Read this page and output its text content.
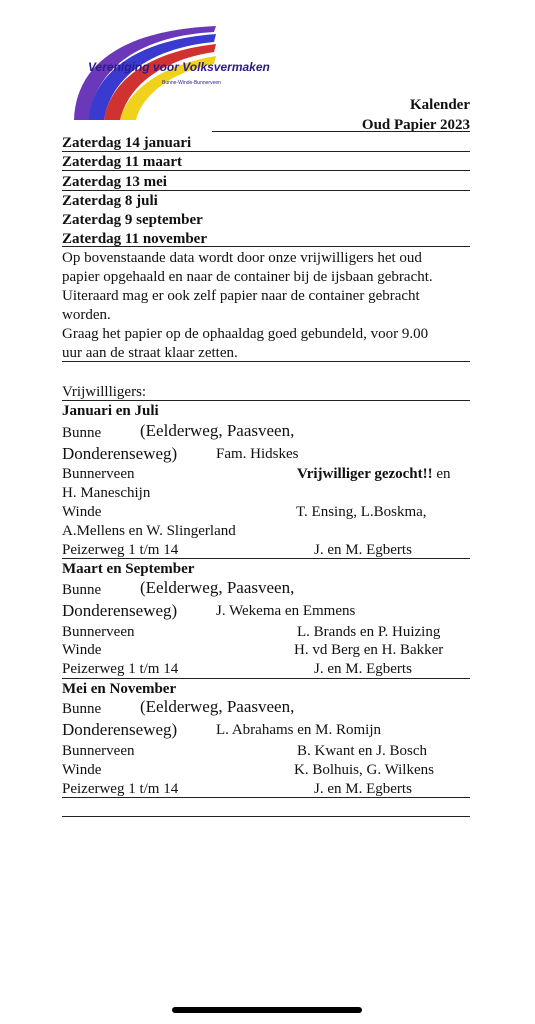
Vereniging voor Volksvermaken
Bunne-Winde-Bunnerveen
Kalender
Oud Papier 2023
Zaterdag 14 januari
Zaterdag 11 maart
Zaterdag 13 mei
Zaterdag 8 juli
Zaterdag 9 september
Zaterdag 11 november
Op bovenstaande data wordt door onze vrijwilligers het oud
papier opgehaald en naar de container bij de ijsbaan gebracht.
Uiteraard mag er ook zelf papier naar de container gebracht
worden.
Graag het papier op de ophaaldag goed gebundeld, voor 9.00
uur aan de straat klaar zetten.
Vrijwillligers:
Januari en Juli
Bunne (Eelderweg, Paasveen,
Donderenseweg)	Fam. Hidskes
Bunnerveen	Vrijwilliger gezocht!! en
H. Maneschijn
Winde	T. Ensing, L.Boskma,
A.Mellens en W. Slingerland
Peizerweg 1 t/m 14	J. en M. Egberts
Maart en September
Bunne (Eelderweg, Paasveen,
Donderenseweg)	J. Wekema en Emmens
Bunnerveen	L. Brands en P. Huizing
Winde	H. vd Berg en H. Bakker
Peizerweg 1 t/m 14	J. en M. Egberts
Mei en November
Bunne (Eelderweg, Paasveen,
Donderenseweg)	L. Abrahams en M. Romijn
Bunnerveen	B. Kwant en J. Bosch
Winde	K. Bolhuis, G. Wilkens
Peizerweg 1 t/m 14	J. en M. Egberts
